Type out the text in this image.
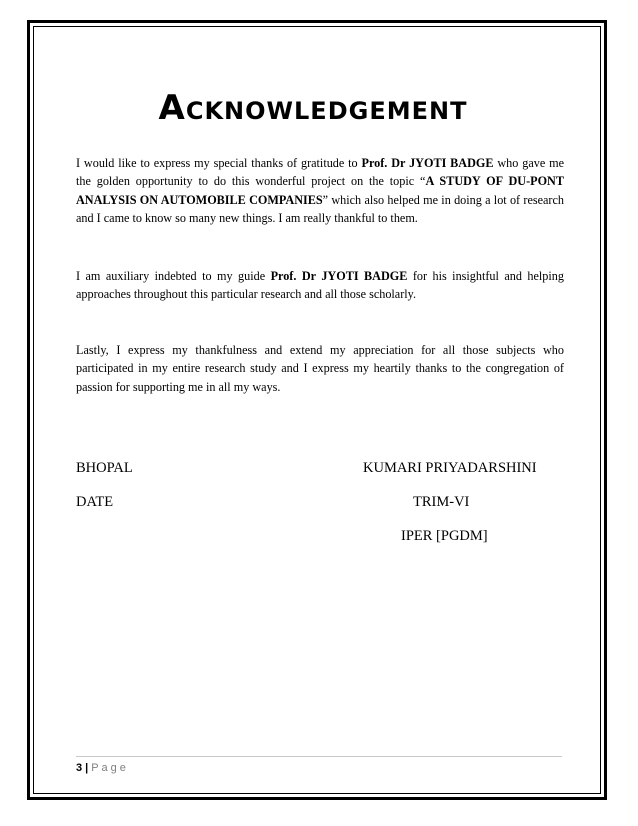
Acknowledgement
I would like to express my special thanks of gratitude to Prof. Dr JYOTI BADGE who gave me the golden opportunity to do this wonderful project on the topic “A STUDY OF DU-PONT ANALYSIS ON AUTOMOBILE COMPANIES” which also helped me in doing a lot of research and I came to know so many new things. I am really thankful to them.
I am auxiliary indebted to my guide Prof. Dr JYOTI BADGE for his insightful and helping approaches throughout this particular research and all those scholarly.
Lastly, I express my thankfulness and extend my appreciation for all those subjects who participated in my entire research study and I express my heartily thanks to the congregation of passion for supporting me in all my ways.
BHOPAL
DATE
KUMARI PRIYADARSHINI
TRIM-VI
IPER [PGDM]
3 | Page
